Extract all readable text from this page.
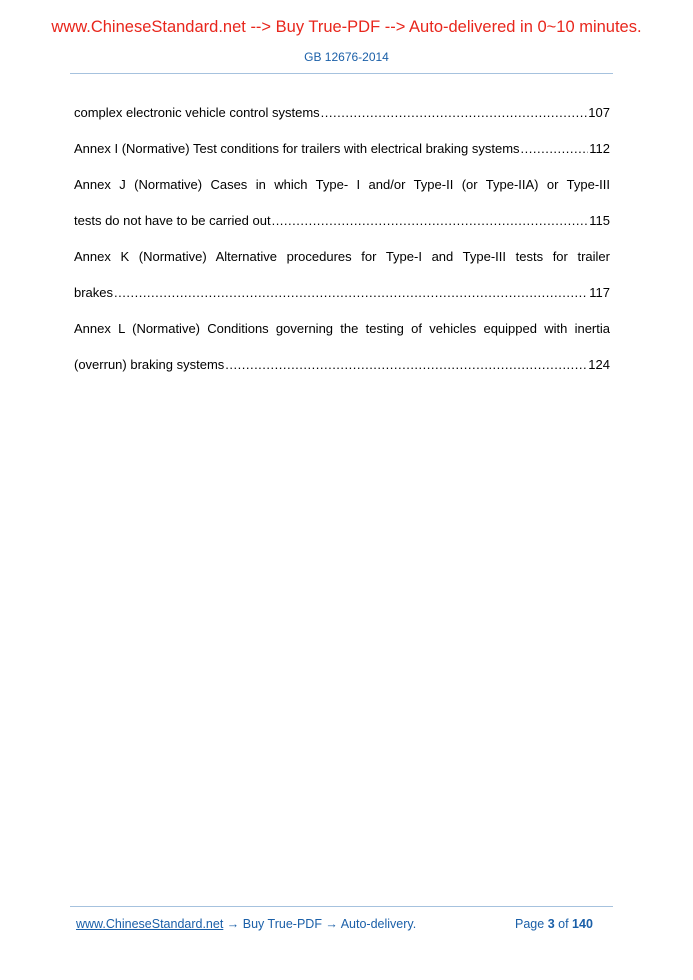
www.ChineseStandard.net --> Buy True-PDF --> Auto-delivered in 0~10 minutes.
GB 12676-2014
complex electronic vehicle control systems .....	107
Annex I (Normative) Test conditions for trailers with electrical braking systems .....	112
Annex J (Normative) Cases in which Type- I and/or Type-II (or Type-IIA) or Type-III
tests do not have to be carried out .....	115
Annex K (Normative) Alternative procedures for Type-I and Type-III tests for trailer
brakes .....	117
Annex L (Normative) Conditions governing the testing of vehicles equipped with inertia
(overrun) braking systems .....	124
www.ChineseStandard.net → Buy True-PDF → Auto-delivery.	Page 3 of 140
